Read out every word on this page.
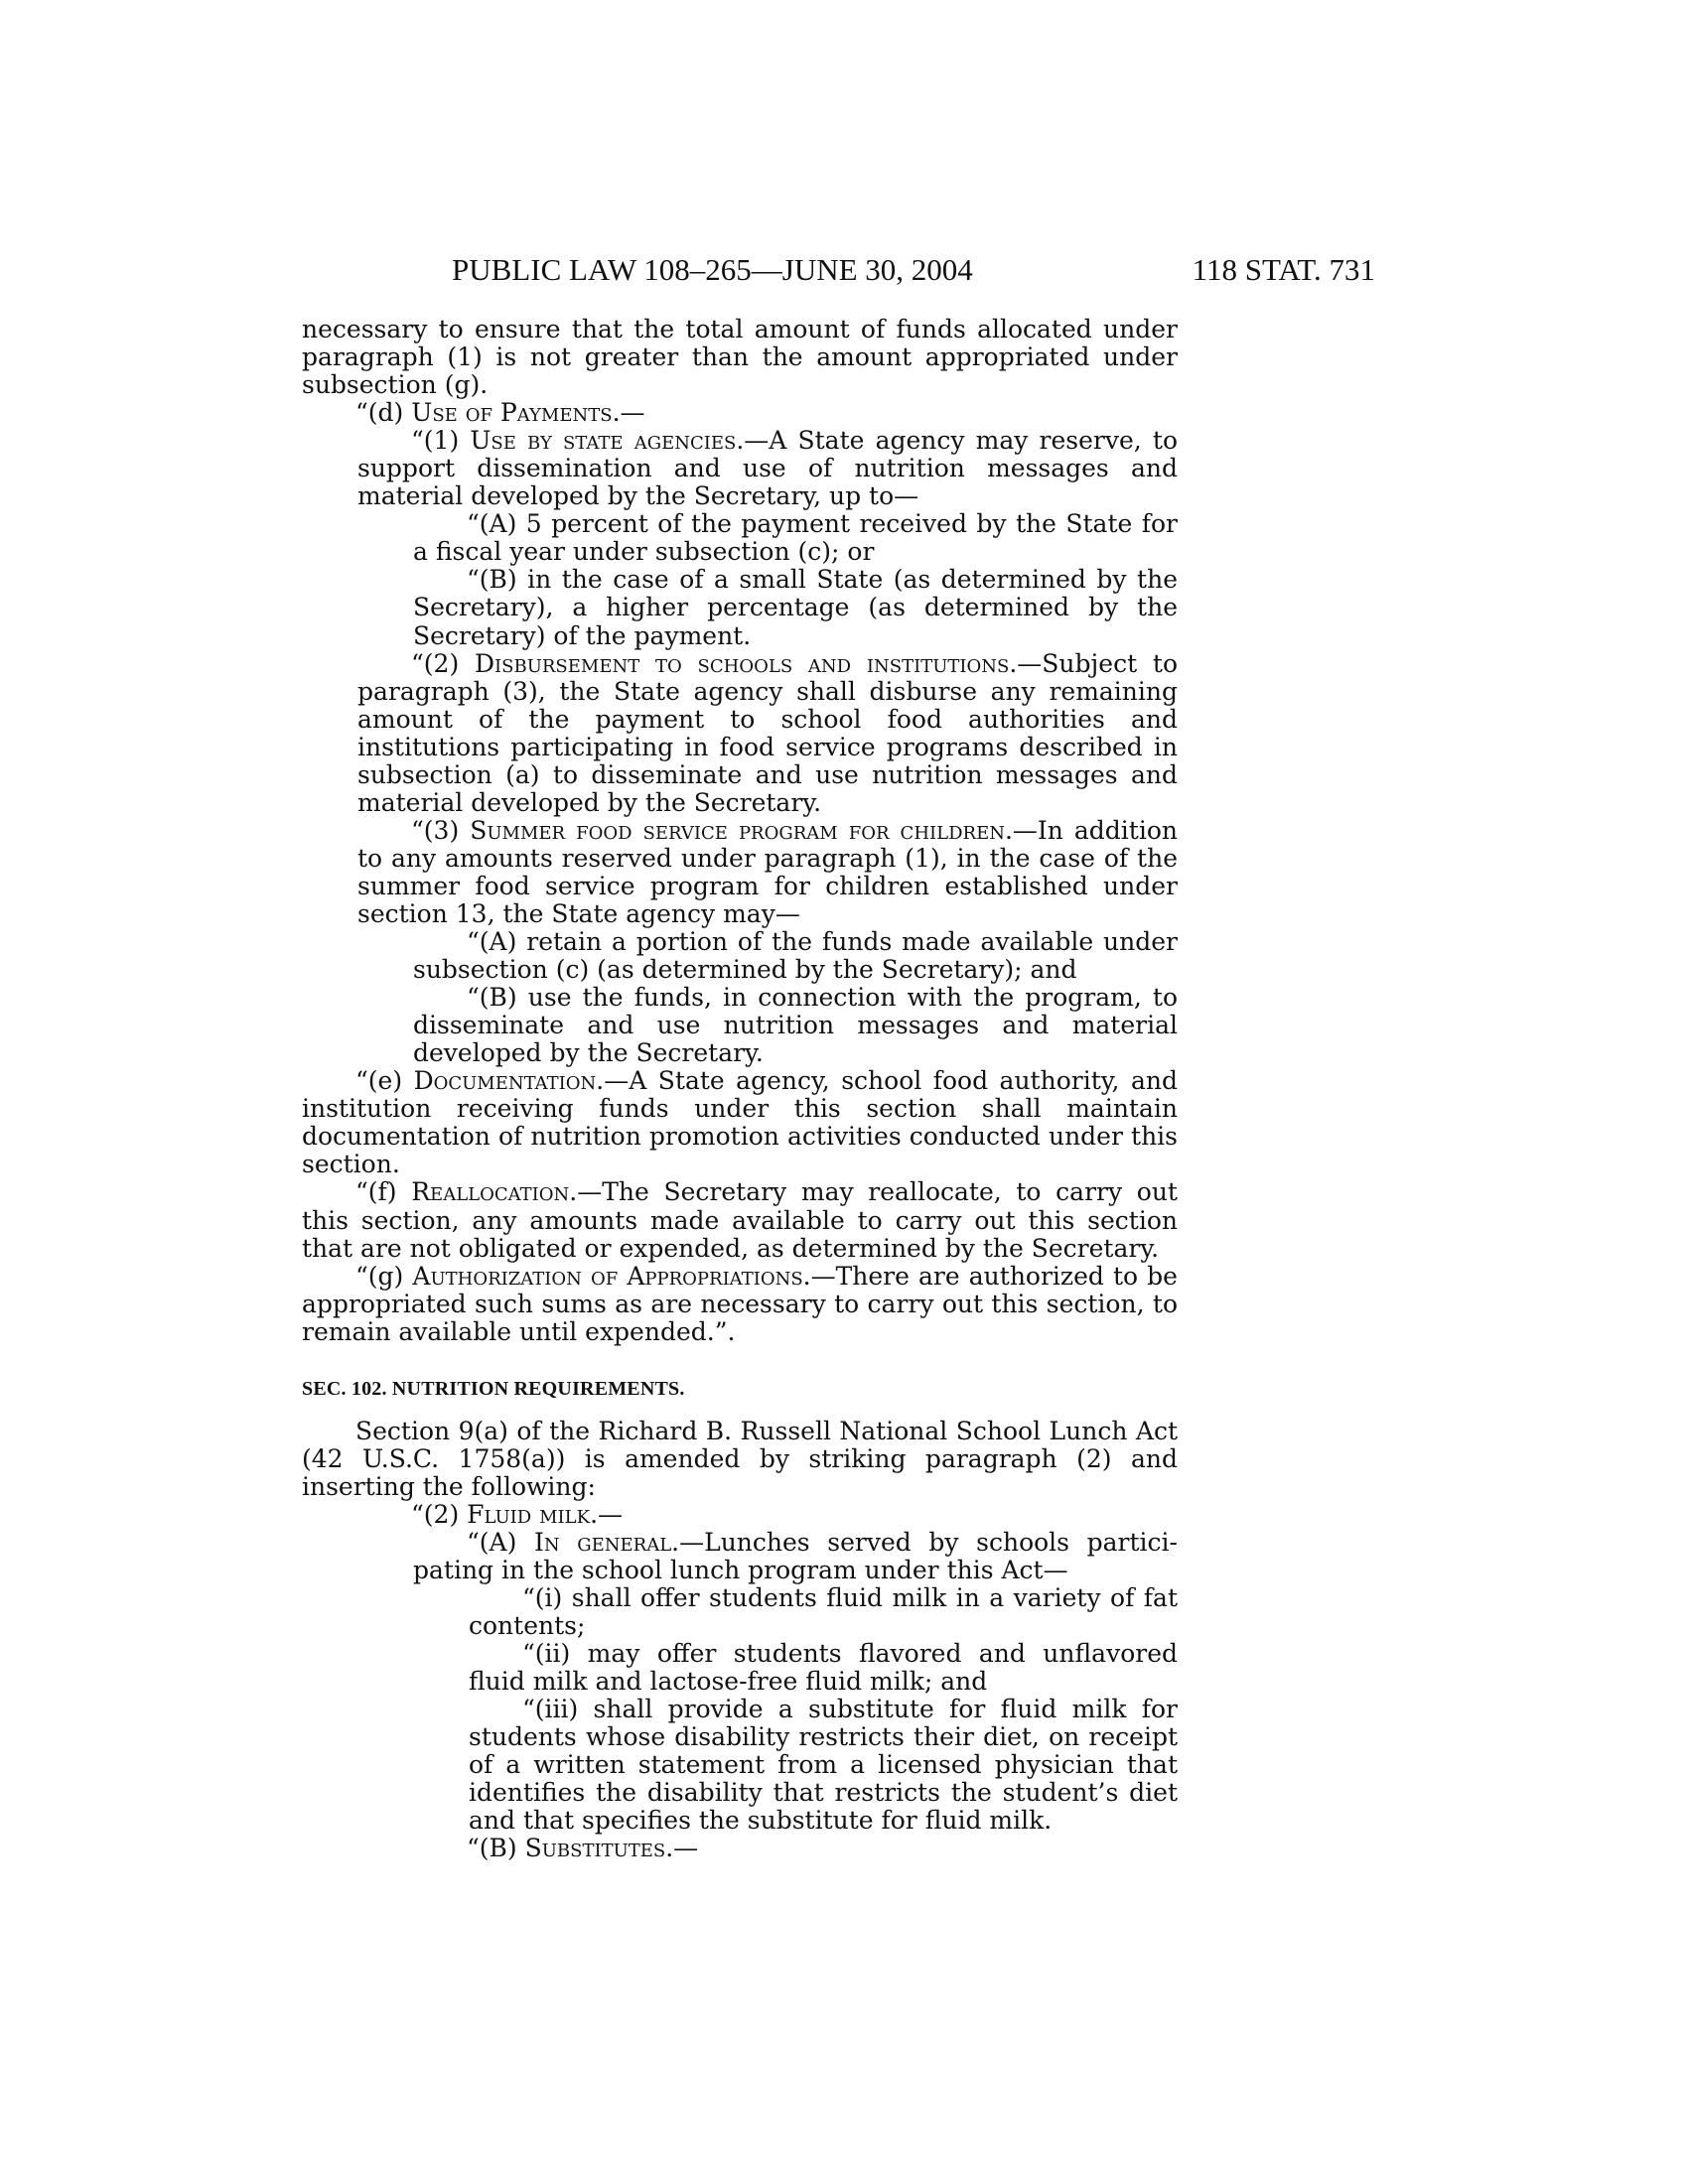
PUBLIC LAW 108–265—JUNE 30, 2004	118 STAT. 731

necessary to ensure that the total amount of funds allocated under paragraph (1) is not greater than the amount appropriated under subsection (g).

“(d) Use of Payments.—

“(1) Use by state agencies.—A State agency may reserve, to support dissemination and use of nutrition messages and material developed by the Secretary, up to—

“(A) 5 percent of the payment received by the State for a fiscal year under subsection (c); or

“(B) in the case of a small State (as determined by the Secretary), a higher percentage (as determined by the Secretary) of the payment.

“(2) Disbursement to schools and institutions.—Subject to paragraph (3), the State agency shall disburse any remaining amount of the payment to school food authorities and institutions participating in food service programs described in subsection (a) to disseminate and use nutrition messages and material developed by the Secretary.

“(3) Summer food service program for children.—In addition to any amounts reserved under paragraph (1), in the case of the summer food service program for children established under section 13, the State agency may—

“(A) retain a portion of the funds made available under subsection (c) (as determined by the Secretary); and

“(B) use the funds, in connection with the program, to disseminate and use nutrition messages and material developed by the Secretary.

“(e) Documentation.—A State agency, school food authority, and institution receiving funds under this section shall maintain documentation of nutrition promotion activities conducted under this section.

“(f) Reallocation.—The Secretary may reallocate, to carry out this section, any amounts made available to carry out this section that are not obligated or expended, as determined by the Secretary.

“(g) Authorization of Appropriations.—There are authorized to be appropriated such sums as are necessary to carry out this section, to remain available until expended.”.

SEC. 102. NUTRITION REQUIREMENTS.

Section 9(a) of the Richard B. Russell National School Lunch Act (42 U.S.C. 1758(a)) is amended by striking paragraph (2) and inserting the following:

“(2) Fluid milk.—

“(A) In general.—Lunches served by schools participating in the school lunch program under this Act—

“(i) shall offer students fluid milk in a variety of fat contents;

“(ii) may offer students flavored and unflavored fluid milk and lactose-free fluid milk; and

“(iii) shall provide a substitute for fluid milk for students whose disability restricts their diet, on receipt of a written statement from a licensed physician that identifies the disability that restricts the student’s diet and that specifies the substitute for fluid milk.

“(B) Substitutes.—
